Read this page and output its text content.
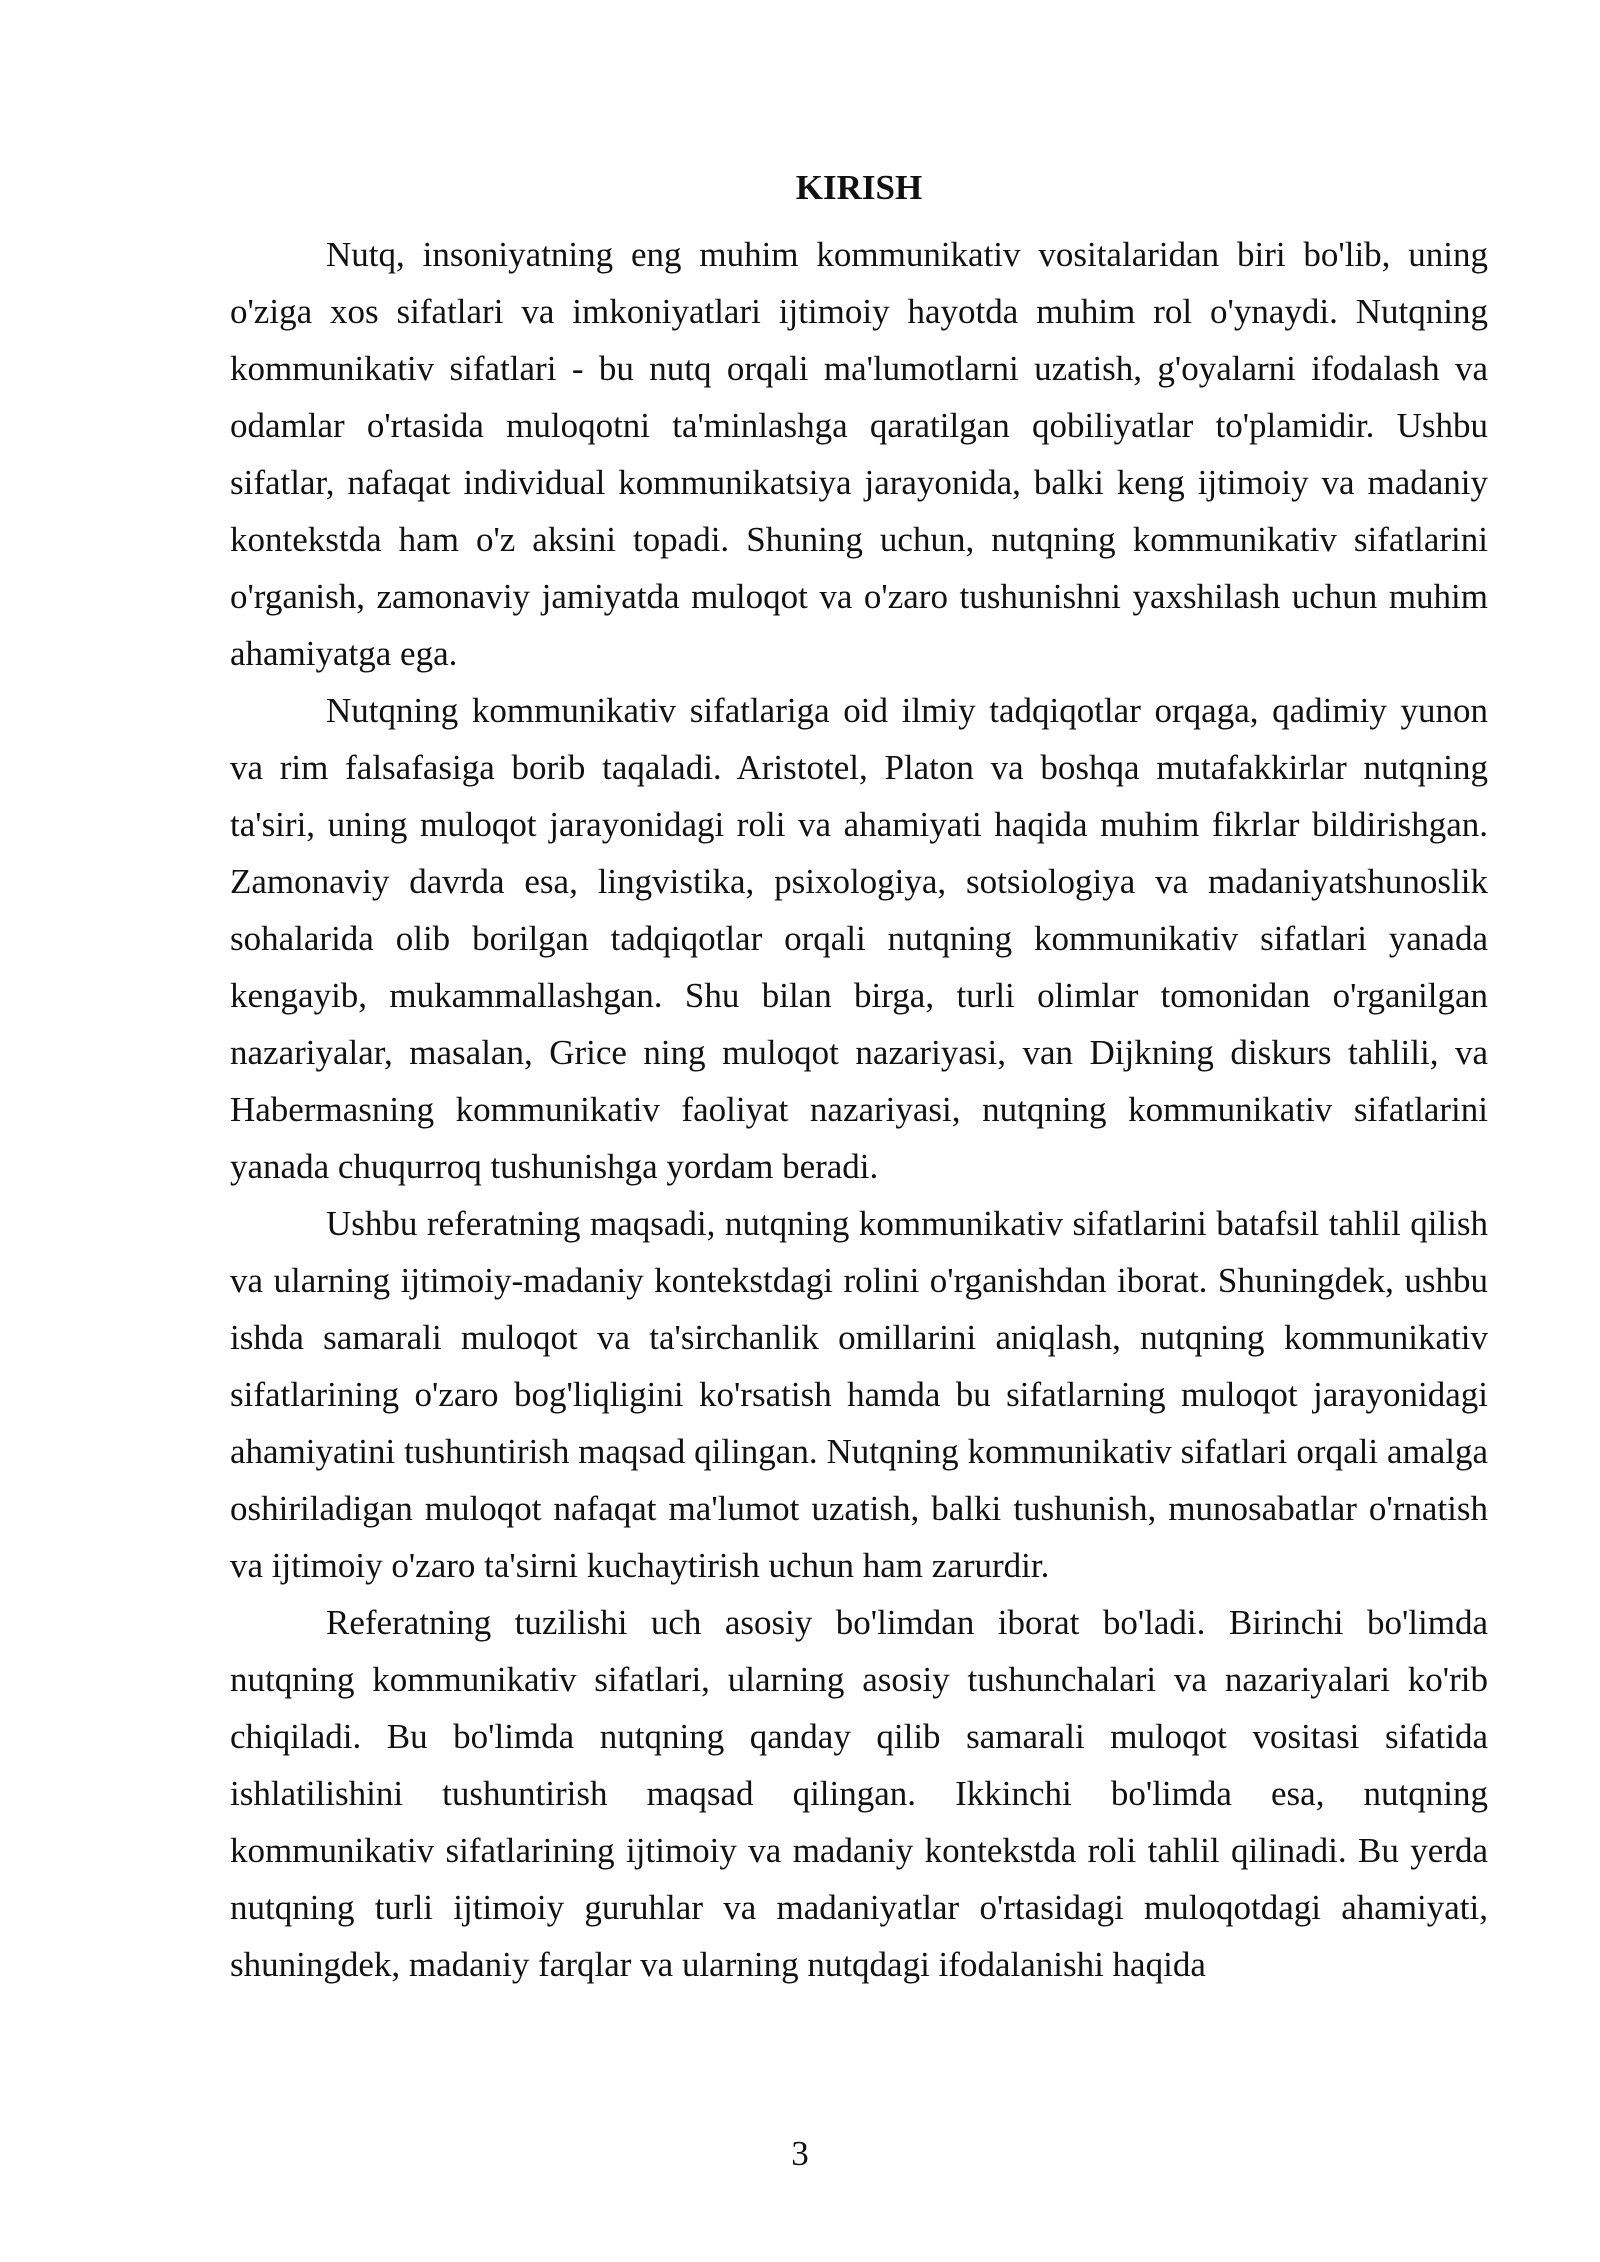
KIRISH

Nutq, insoniyatning eng muhim kommunikativ vositalaridan biri bo'lib, uning o'ziga xos sifatlari va imkoniyatlari ijtimoiy hayotda muhim rol o'ynaydi. Nutqning kommunikativ sifatlari - bu nutq orqali ma'lumotlarni uzatish, g'oyalarni ifodalash va odamlar o'rtasida muloqotni ta'minlashga qaratilgan qobiliyatlar to'plamidir. Ushbu sifatlar, nafaqat individual kommunikatsiya jarayonida, balki keng ijtimoiy va madaniy kontekstda ham o'z aksini topadi. Shuning uchun, nutqning kommunikativ sifatlarini o'rganish, zamonaviy jamiyatda muloqot va o'zaro tushunishni yaxshilash uchun muhim ahamiyatga ega.

Nutqning kommunikativ sifatlariga oid ilmiy tadqiqotlar orqaga, qadimiy yunon va rim falsafasiga borib taqaladi. Aristotel, Platon va boshqa mutafakkirlar nutqning ta'siri, uning muloqot jarayonidagi roli va ahamiyati haqida muhim fikrlar bildirishgan. Zamonaviy davrda esa, lingvistika, psixologiya, sotsiologiya va madaniyatshunoslik sohalarida olib borilgan tadqiqotlar orqali nutqning kommunikativ sifatlari yanada kengayib, mukammallashgan. Shu bilan birga, turli olimlar tomonidan o'rganilgan nazariyalar, masalan, Grice ning muloqot nazariyasi, van Dijkning diskurs tahlili, va Habermasning kommunikativ faoliyat nazariyasi, nutqning kommunikativ sifatlarini yanada chuqurroq tushunishga yordam beradi.

Ushbu referatning maqsadi, nutqning kommunikativ sifatlarini batafsil tahlil qilish va ularning ijtimoiy-madaniy kontekstdagi rolini o'rganishdan iborat. Shuningdek, ushbu ishda samarali muloqot va ta'sirchanlik omillarini aniqlash, nutqning kommunikativ sifatlarining o'zaro bog'liqligini ko'rsatish hamda bu sifatlarning muloqot jarayonidagi ahamiyatini tushuntirish maqsad qilingan. Nutqning kommunikativ sifatlari orqali amalga oshiriladigan muloqot nafaqat ma'lumot uzatish, balki tushunish, munosabatlar o'rnatish va ijtimoiy o'zaro ta'sirni kuchaytirish uchun ham zarurdir.

Referatning tuzilishi uch asosiy bo'limdan iborat bo'ladi. Birinchi bo'limda nutqning kommunikativ sifatlari, ularning asosiy tushunchalari va nazariyalari ko'rib chiqiladi. Bu bo'limda nutqning qanday qilib samarali muloqot vositasi sifatida ishlatilishini tushuntirish maqsad qilingan. Ikkinchi bo'limda esa, nutqning kommunikativ sifatlarining ijtimoiy va madaniy kontekstda roli tahlil qilinadi. Bu yerda nutqning turli ijtimoiy guruhlar va madaniyatlar o'rtasidagi muloqotdagi ahamiyati, shuningdek, madaniy farqlar va ularning nutqdagi ifodalanishi haqida

3
